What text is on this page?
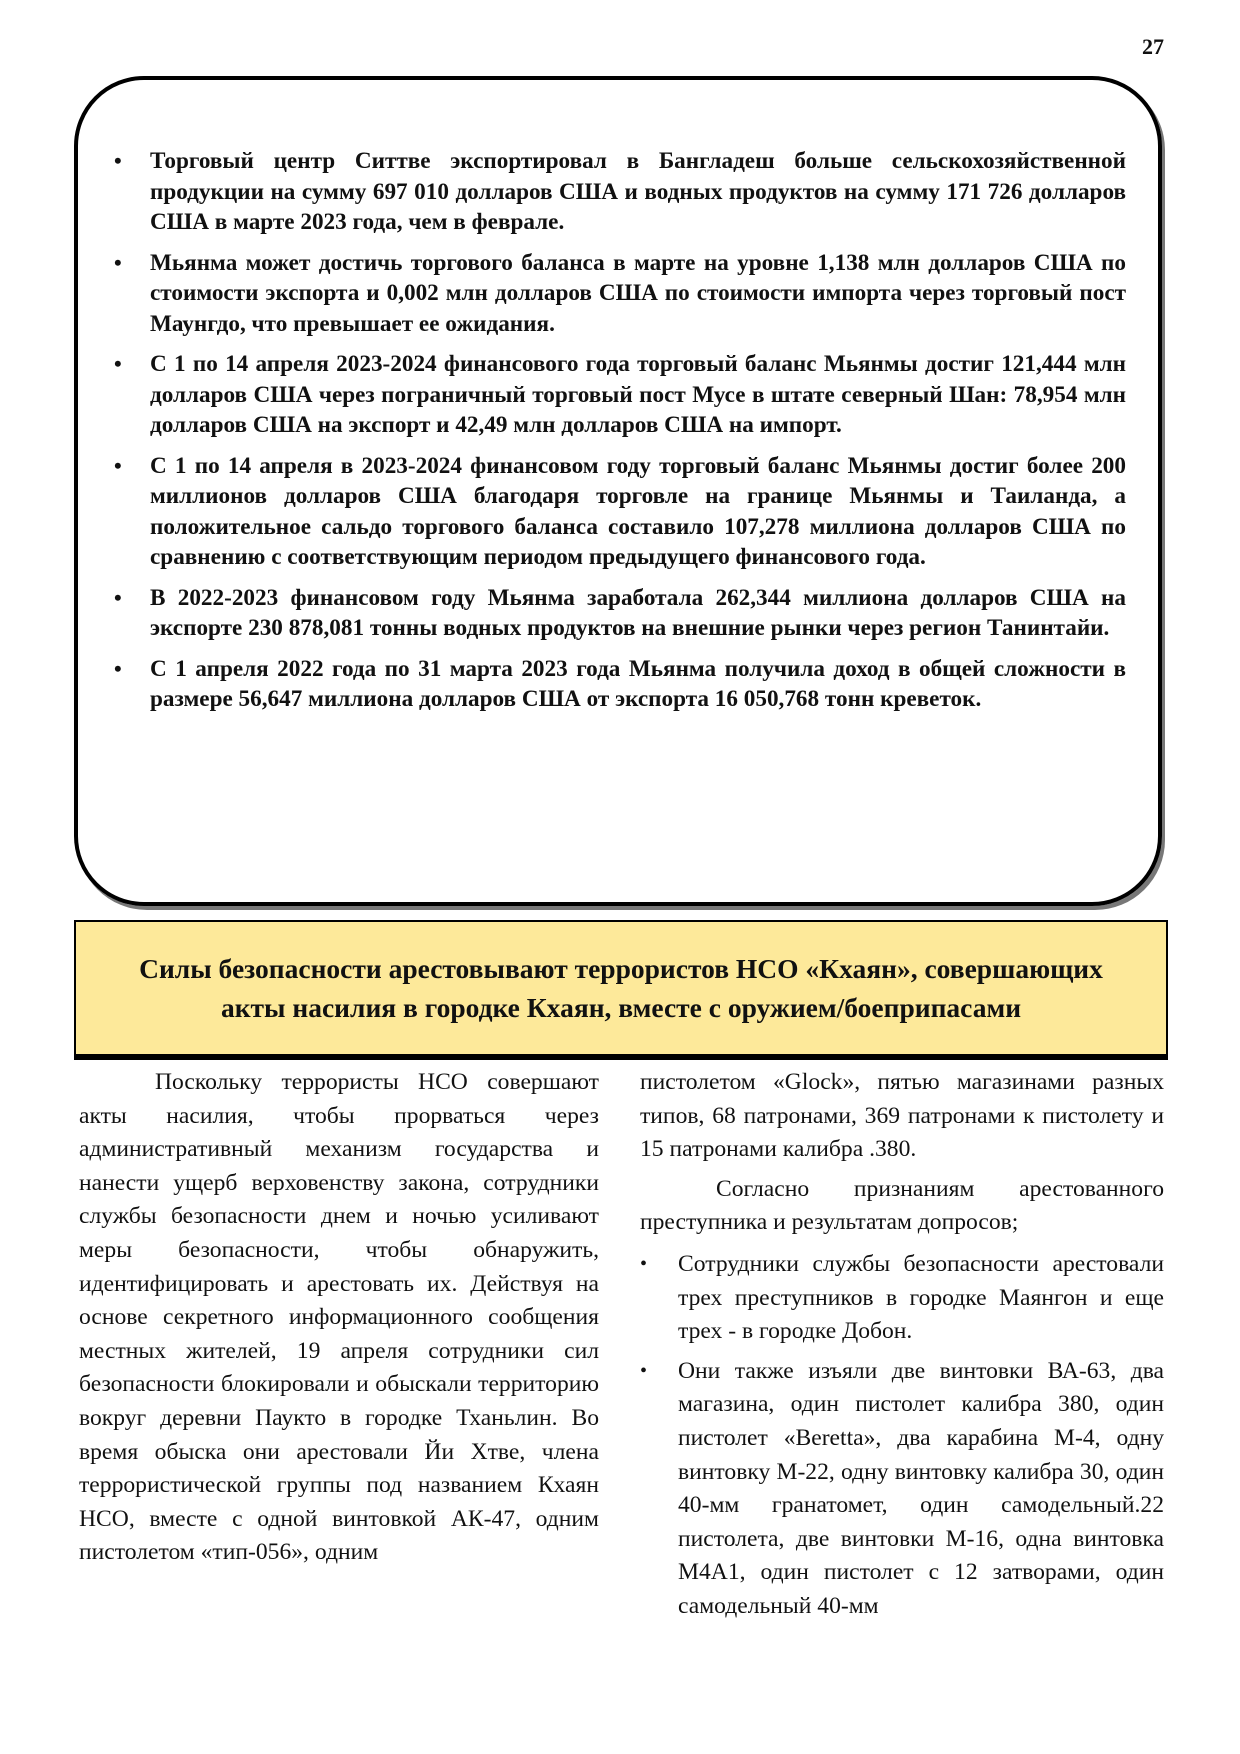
27
• Торговый центр Ситтве экспортировал в Бангладеш больше сельскохозяйственной продукции на сумму 697 010 долларов США и водных продуктов на сумму 171 726 долларов США в марте 2023 года, чем в феврале.
• Мьянма может достичь торгового баланса в марте на уровне 1,138 млн долларов США по стоимости экспорта и 0,002 млн долларов США по стоимости импорта через торговый пост Маунгдо, что превышает ее ожидания.
• С 1 по 14 апреля 2023-2024 финансового года торговый баланс Мьянмы достиг 121,444 млн долларов США через пограничный торговый пост Мусе в штате северный Шан: 78,954 млн долларов США на экспорт и 42,49 млн долларов США на импорт.
• С 1 по 14 апреля в 2023-2024 финансовом году торговый баланс Мьянмы достиг более 200 миллионов долларов США благодаря торговле на границе Мьянмы и Таиланда, а положительное сальдо торгового баланса составило 107,278 миллиона долларов США по сравнению с соответствующим периодом предыдущего финансового года.
• В 2022-2023 финансовом году Мьянма заработала 262,344 миллиона долларов США на экспорте 230 878,081 тонны водных продуктов на внешние рынки через регион Танинтайи.
• С 1 апреля 2022 года по 31 марта 2023 года Мьянма получила доход в общей сложности в размере 56,647 миллиона долларов США от экспорта 16 050,768 тонн креветок.
Силы безопасности арестовывают террористов НСО «Кхаян», совершающих акты насилия в городке Кхаян, вместе с оружием/боеприпасами

Поскольку террористы НСО совершают акты насилия, чтобы прорваться через административный механизм государства и нанести ущерб верховенству закона, сотрудники службы безопасности днем и ночью усиливают меры безопасности, чтобы обнаружить, идентифицировать и арестовать их. Действуя на основе секретного информационного сообщения местных жителей, 19 апреля сотрудники сил безопасности блокировали и обыскали территорию вокруг деревни Паукто в городке Тханьлин. Во время обыска они арестовали Йи Хтве, члена террористической группы под названием Кхаян НСО, вместе с одной винтовкой АК-47, одним пистолетом «тип-056», одним

пистолетом «Glock», пятью магазинами разных типов, 68 патронами, 369 патронами к пистолету и 15 патронами калибра .380.

Согласно признаниям арестованного преступника и результатам допросов;

• Сотрудники службы безопасности арестовали трех преступников в городке Маянгон и еще трех - в городке Добон.
• Они также изъяли две винтовки ВА-63, два магазина, один пистолет калибра 380, один пистолет «Beretta», два карабина М-4, одну винтовку М-22, одну винтовку калибра 30, один 40-мм гранатомет, один самодельный.22 пистолета, две винтовки М-16, одна винтовка M4A1, один пистолет с 12 затворами, один самодельный 40-мм
